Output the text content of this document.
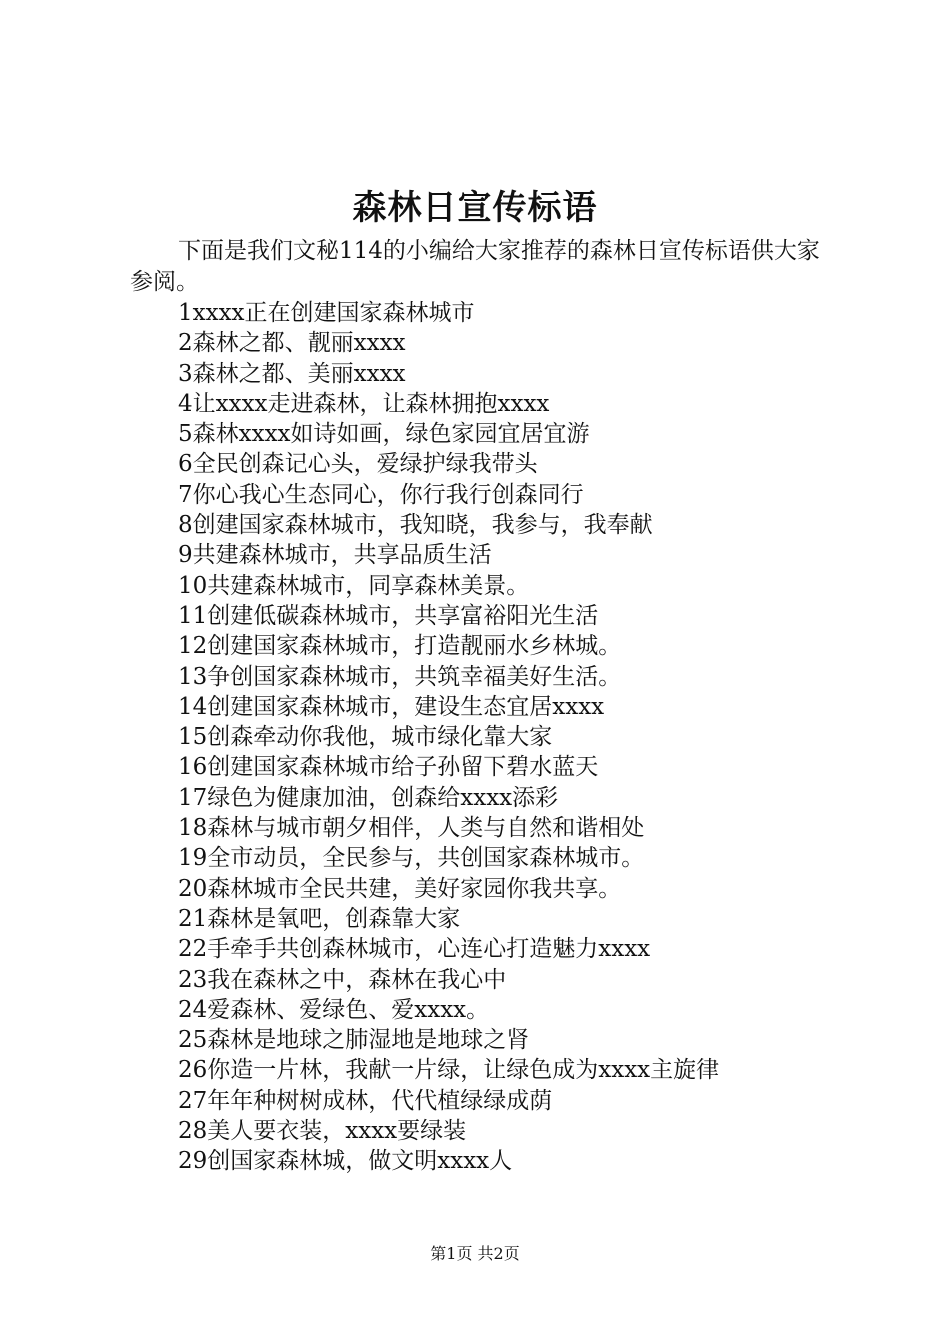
森林日宣传标语
下面是我们文秘114的小编给大家推荐的森林日宣传标语供大家参阅。
1xxxx正在创建国家森林城市
2森林之都、靓丽xxxx
3森林之都、美丽xxxx
4让xxxx走进森林，让森林拥抱xxxx
5森林xxxx如诗如画，绿色家园宜居宜游
6全民创森记心头，爱绿护绿我带头
7你心我心生态同心，你行我行创森同行
8创建国家森林城市，我知晓，我参与，我奉献
9共建森林城市，共享品质生活
10共建森林城市，同享森林美景。
11创建低碳森林城市，共享富裕阳光生活
12创建国家森林城市，打造靓丽水乡林城。
13争创国家森林城市，共筑幸福美好生活。
14创建国家森林城市，建设生态宜居xxxx
15创森牵动你我他，城市绿化靠大家
16创建国家森林城市给子孙留下碧水蓝天
17绿色为健康加油，创森给xxxx添彩
18森林与城市朝夕相伴，人类与自然和谐相处
19全市动员，全民参与，共创国家森林城市。
20森林城市全民共建，美好家园你我共享。
21森林是氧吧，创森靠大家
22手牵手共创森林城市，心连心打造魅力xxxx
23我在森林之中，森林在我心中
24爱森林、爱绿色、爱xxxx。
25森林是地球之肺湿地是地球之肾
26你造一片林，我献一片绿，让绿色成为xxxx主旋律
27年年种树树成林，代代植绿绿成荫
28美人要衣装，xxxx要绿装
29创国家森林城，做文明xxxx人
第1页 共2页
